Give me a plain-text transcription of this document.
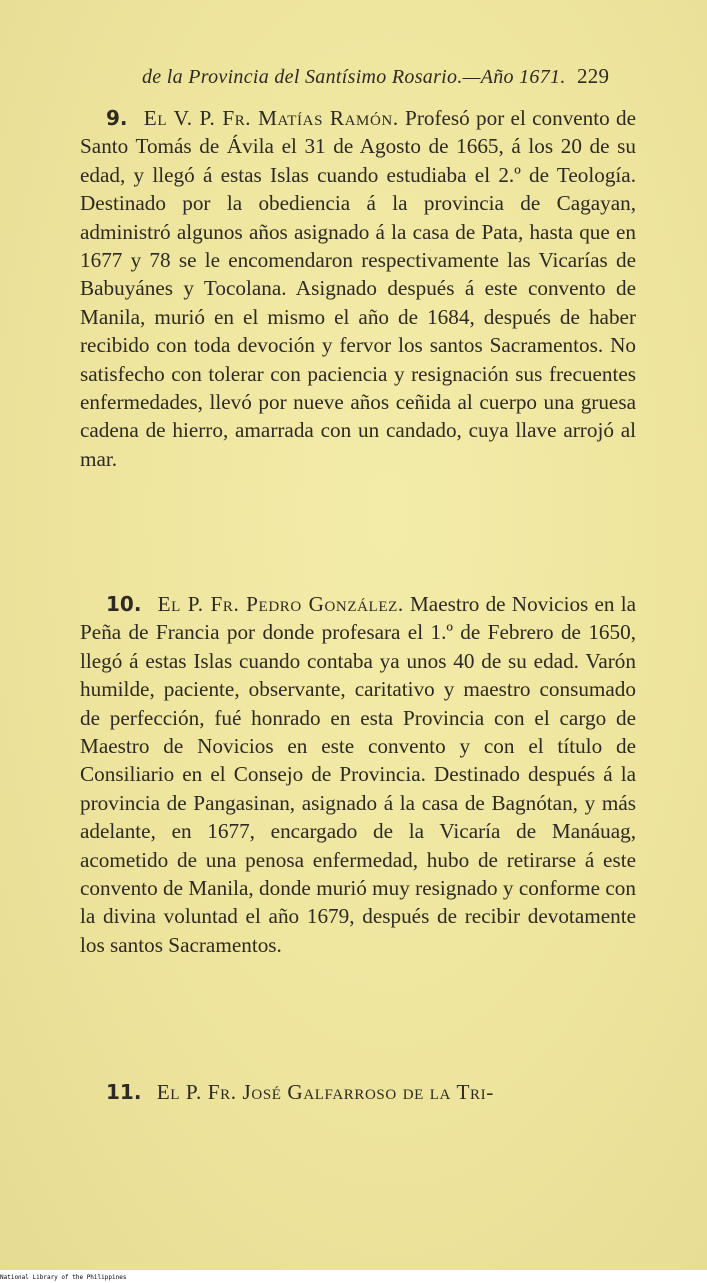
de la Provincia del Santísimo Rosario.—Año 1671. 229

9. El V. P. Fr. Matías Ramón. Profesó por el convento de Santo Tomás de Ávila el 31 de Agosto de 1665, á los 20 de su edad, y llegó á estas Islas cuando estudiaba el 2.º de Teología. Destinado por la obediencia á la provincia de Cagayan, administró algunos años asignado á la casa de Pata, hasta que en 1677 y 78 se le encomendaron respectivamente las Vicarías de Babuyánes y Tocolana. Asignado después á este convento de Manila, murió en el mismo el año de 1684, después de haber recibido con toda devoción y fervor los santos Sacramentos. No satisfecho con tolerar con paciencia y resignación sus frecuentes enfermedades, llevó por nueve años ceñida al cuerpo una gruesa cadena de hierro, amarrada con un candado, cuya llave arrojó al mar.

10. El P. Fr. Pedro González. Maestro de Novicios en la Peña de Francia por donde profesara el 1.º de Febrero de 1650, llegó á estas Islas cuando contaba ya unos 40 de su edad. Varón humilde, paciente, observante, caritativo y maestro consumado de perfección, fué honrado en esta Provincia con el cargo de Maestro de Novicios en este convento y con el título de Consiliario en el Consejo de Provincia. Destinado después á la provincia de Pangasinan, asignado á la casa de Bagnótan, y más adelante, en 1677, encargado de la Vicaría de Manáuag, acometido de una penosa enfermedad, hubo de retirarse á este convento de Manila, donde murió muy resignado y conforme con la divina voluntad el año 1679, después de recibir devotamente los santos Sacramentos.

11. El P. Fr. José Galfarroso de la Tri-

National Library of the Philippines
